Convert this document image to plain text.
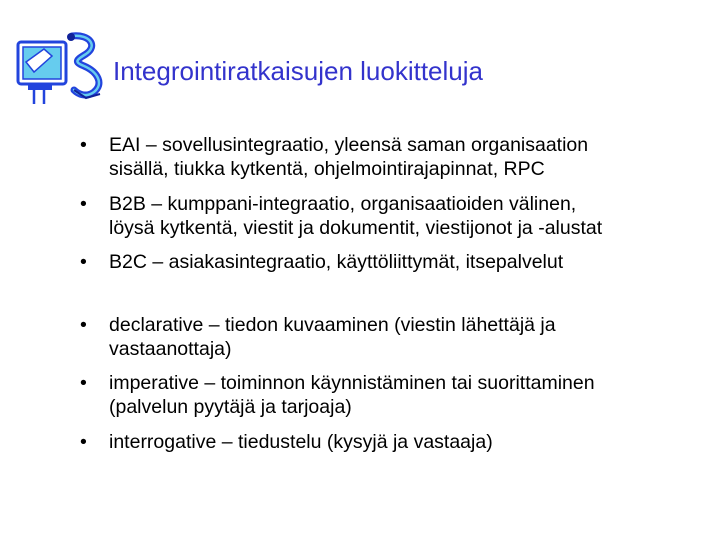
Integrointiratkaisujen luokitteluja
•	EAI – sovellusintegraatio, yleensä saman organisaation
sisällä, tiukka kytkentä, ohjelmointirajapinnat, RPC
•	B2B – kumppani-integraatio, organisaatioiden välinen,
löysä kytkentä, viestit ja dokumentit, viestijonot ja -alustat
•	B2C – asiakasintegraatio, käyttöliittymät, itsepalvelut
•	declarative – tiedon kuvaaminen (viestin lähettäjä ja
vastaanottaja)
•	imperative – toiminnon käynnistäminen tai suorittaminen
(palvelun pyytäjä ja tarjoaja)
•	interrogative – tiedustelu (kysyjä ja vastaaja)
